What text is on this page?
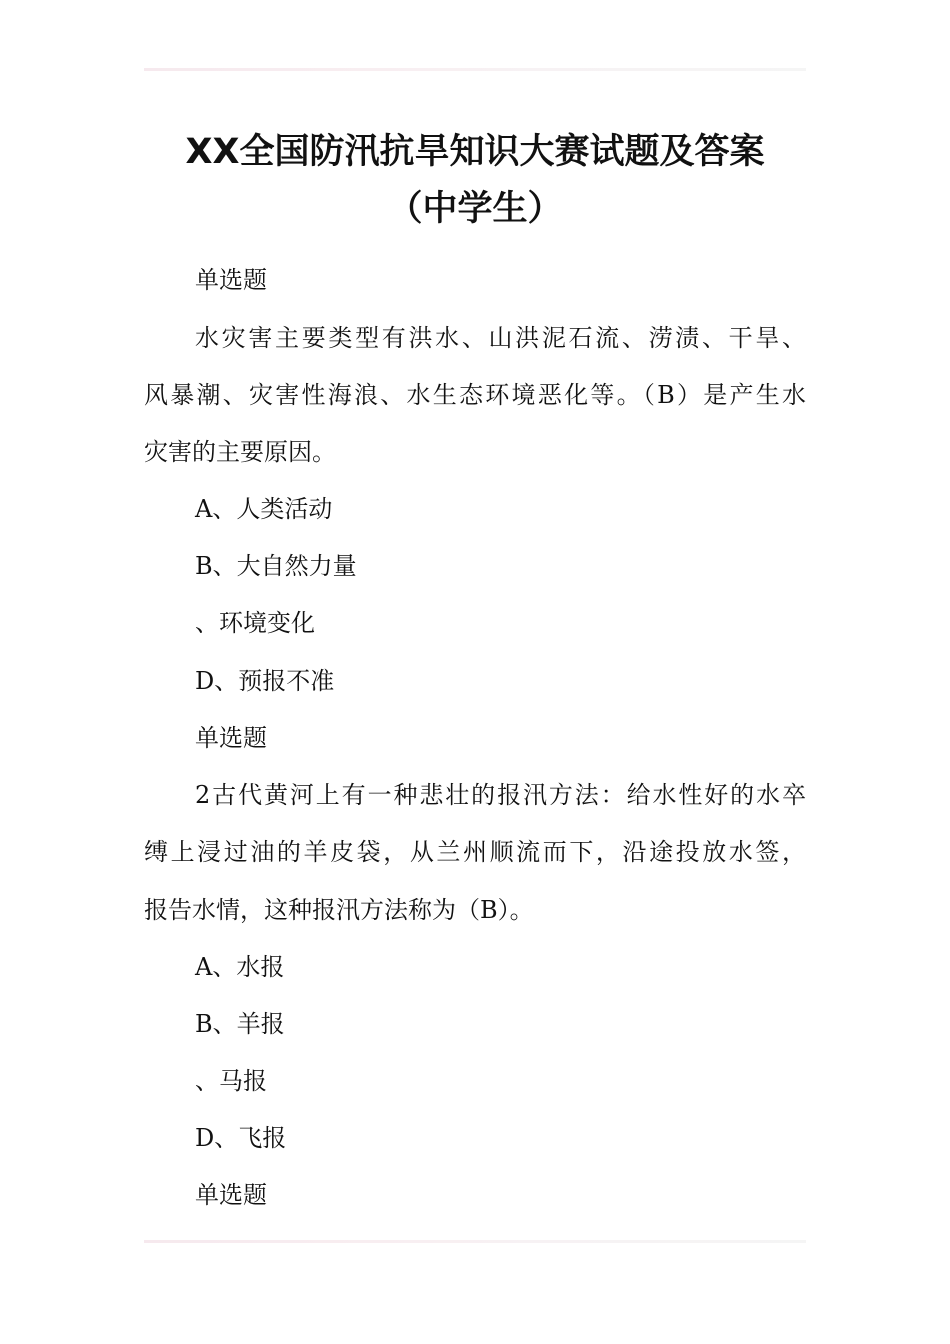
XX全国防汛抗旱知识大赛试题及答案
（中学生）
单选题
水灾害主要类型有洪水、山洪泥石流、涝渍、干旱、
风暴潮、灾害性海浪、水生态环境恶化等。（B）是产生水
灾害的主要原因。
A、人类活动
B、大自然力量
、环境变化
D、预报不准
单选题
2古代黄河上有一种悲壮的报汛方法：给水性好的水卒
缚上浸过油的羊皮袋，从兰州顺流而下，沿途投放水签，
报告水情，这种报汛方法称为（B）。
A、水报
B、羊报
、马报
D、飞报
单选题
